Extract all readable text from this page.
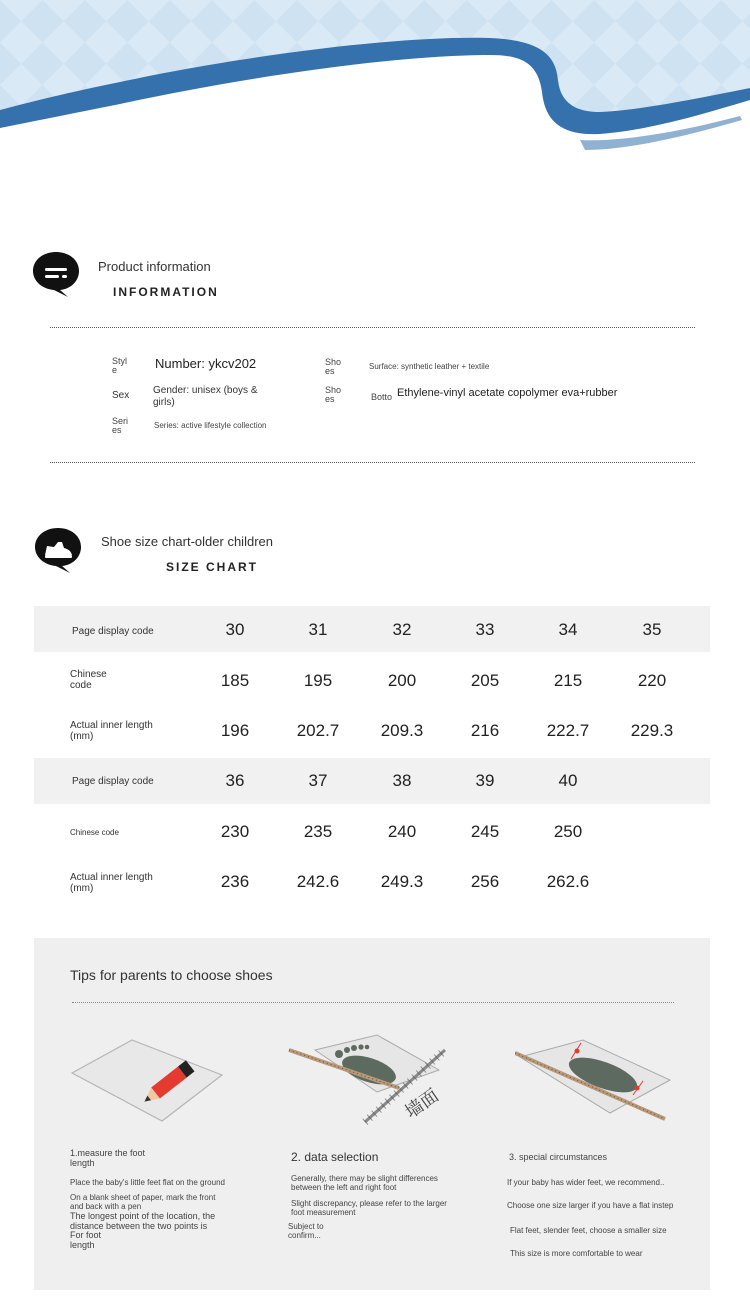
Product information
INFORMATION
Style	Number: ykcv202
Sex Gender: unisex (boys & girls)
Series	Series: active lifestyle collection
Shoes	Surface: synthetic leather + textile
Shoes	Botto Ethylene-vinyl acetate copolymer eva+rubber
Shoe size chart-older children
SIZE CHART
Page display code	30	31	32	33	34	35
Chinese code	185	195	200	205	215	220
Actual inner length (mm)	196	202.7	209.3	216	222.7	229.3
Page display code	36	37	38	39	40
Chinese code	230	235	240	245	250
Actual inner length (mm)	236	242.6	249.3	256	262.6
Tips for parents to choose shoes
墙面
1.measure the foot length
Place the baby's little feet flat on the ground
On a blank sheet of paper, mark the front and back with a pen
The longest point of the location, the distance between the two points is
For foot length
2. data selection
Generally, there may be slight differences between the left and right foot
Slight discrepancy, please refer to the larger foot measurement
Subject to confirm...
3. special circumstances
If your baby has wider feet, we recommend..
Choose one size larger if you have a flat instep
Flat feet, slender feet, choose a smaller size
This size is more comfortable to wear
